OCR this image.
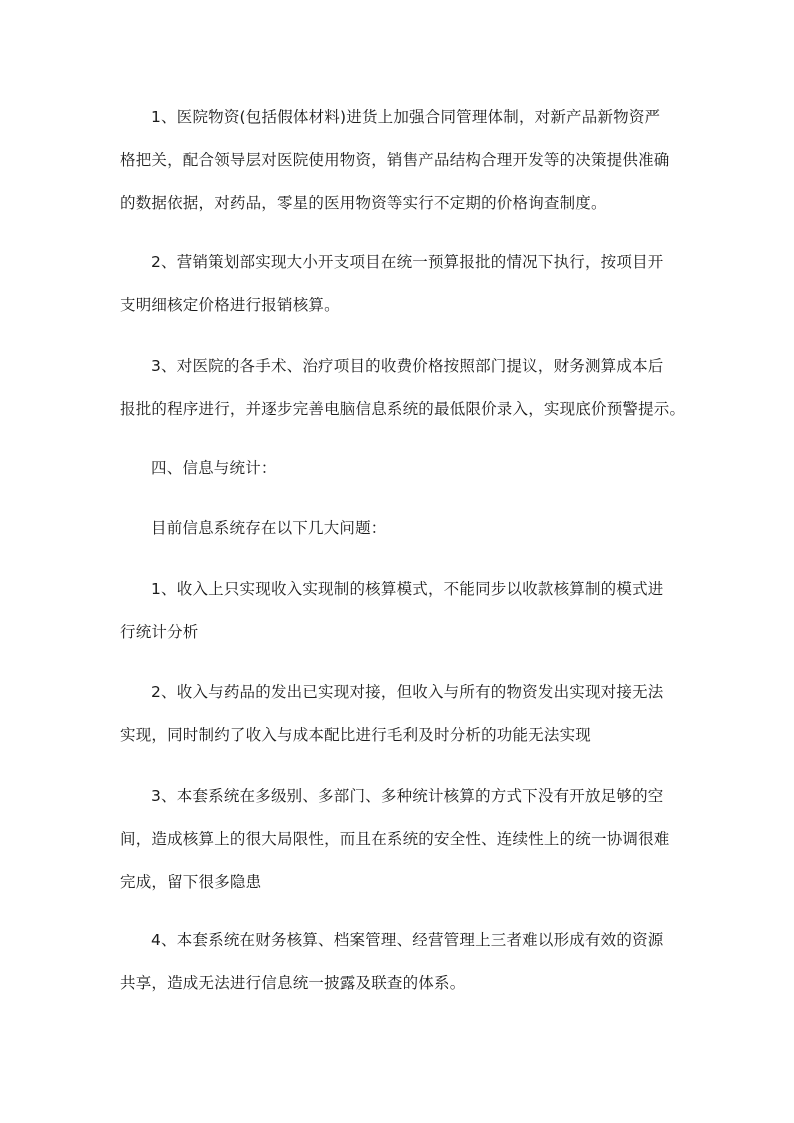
1、医院物资(包括假体材料)进货上加强合同管理体制，对新产品新物资严
格把关，配合领导层对医院使用物资，销售产品结构合理开发等的决策提供准确
的数据依据，对药品，零星的医用物资等实行不定期的价格询查制度。
2、营销策划部实现大小开支项目在统一预算报批的情况下执行，按项目开
支明细核定价格进行报销核算。
3、对医院的各手术、治疗项目的收费价格按照部门提议，财务测算成本后
报批的程序进行，并逐步完善电脑信息系统的最低限价录入，实现底价预警提示。
四、信息与统计：
目前信息系统存在以下几大问题：
1、收入上只实现收入实现制的核算模式，不能同步以收款核算制的模式进
行统计分析
2、收入与药品的发出已实现对接，但收入与所有的物资发出实现对接无法
实现，同时制约了收入与成本配比进行毛利及时分析的功能无法实现
3、本套系统在多级别、多部门、多种统计核算的方式下没有开放足够的空
间，造成核算上的很大局限性，而且在系统的安全性、连续性上的统一协调很难
完成，留下很多隐患
4、本套系统在财务核算、档案管理、经营管理上三者难以形成有效的资源
共享，造成无法进行信息统一披露及联查的体系。
